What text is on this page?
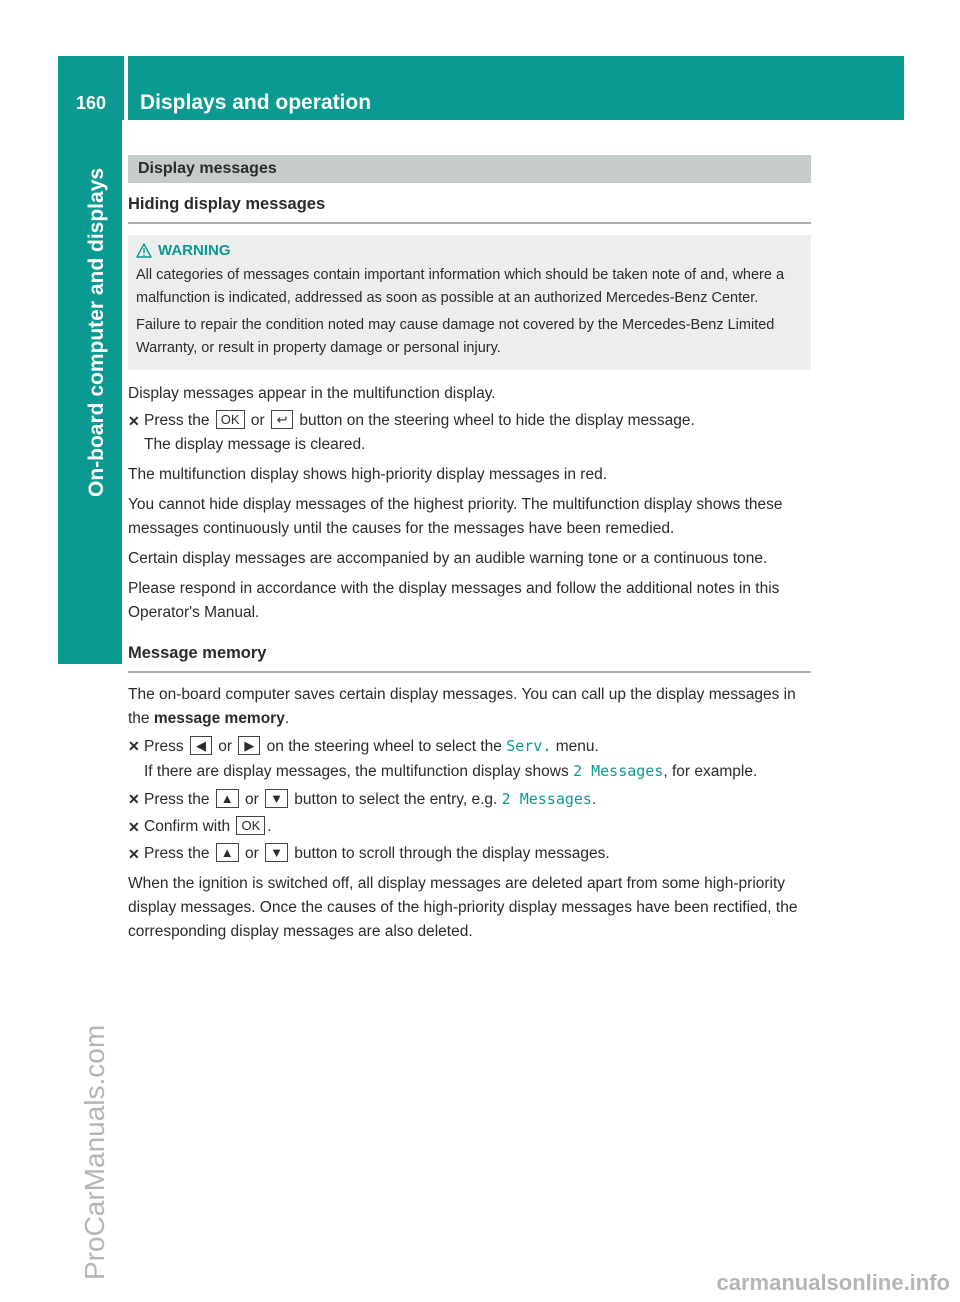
160	Displays and operation
On-board computer and displays
ProCarManuals.com
Display messages
Hiding display messages
WARNING

All categories of messages contain important information which should be taken note of and, where a malfunction is indicated, addressed as soon as possible at an authorized Mercedes-Benz Center.

Failure to repair the condition noted may cause damage not covered by the Mercedes-Benz Limited Warranty, or result in property damage or personal injury.

Display messages appear in the multifunction display.

✕ Press the OK or ↩ button on the steering wheel to hide the display message.
The display message is cleared.

The multifunction display shows high-priority display messages in red.

You cannot hide display messages of the highest priority. The multifunction display shows these messages continuously until the causes for the messages have been remedied.

Certain display messages are accompanied by an audible warning tone or a continuous tone.

Please respond in accordance with the display messages and follow the additional notes in this Operator's Manual.

Message memory

The on-board computer saves certain display messages. You can call up the display messages in the message memory.

✕ Press ◀ or ▶ on the steering wheel to select the Serv. menu.
If there are display messages, the multifunction display shows 2 Messages, for example.
✕ Press the ▲ or ▼ button to select the entry, e.g. 2 Messages.
✕ Confirm with OK .
✕ Press the ▲ or ▼ button to scroll through the display messages.

When the ignition is switched off, all display messages are deleted apart from some high-priority display messages. Once the causes of the high-priority display messages have been rectified, the corresponding display messages are also deleted.

carmanualsonline.info
